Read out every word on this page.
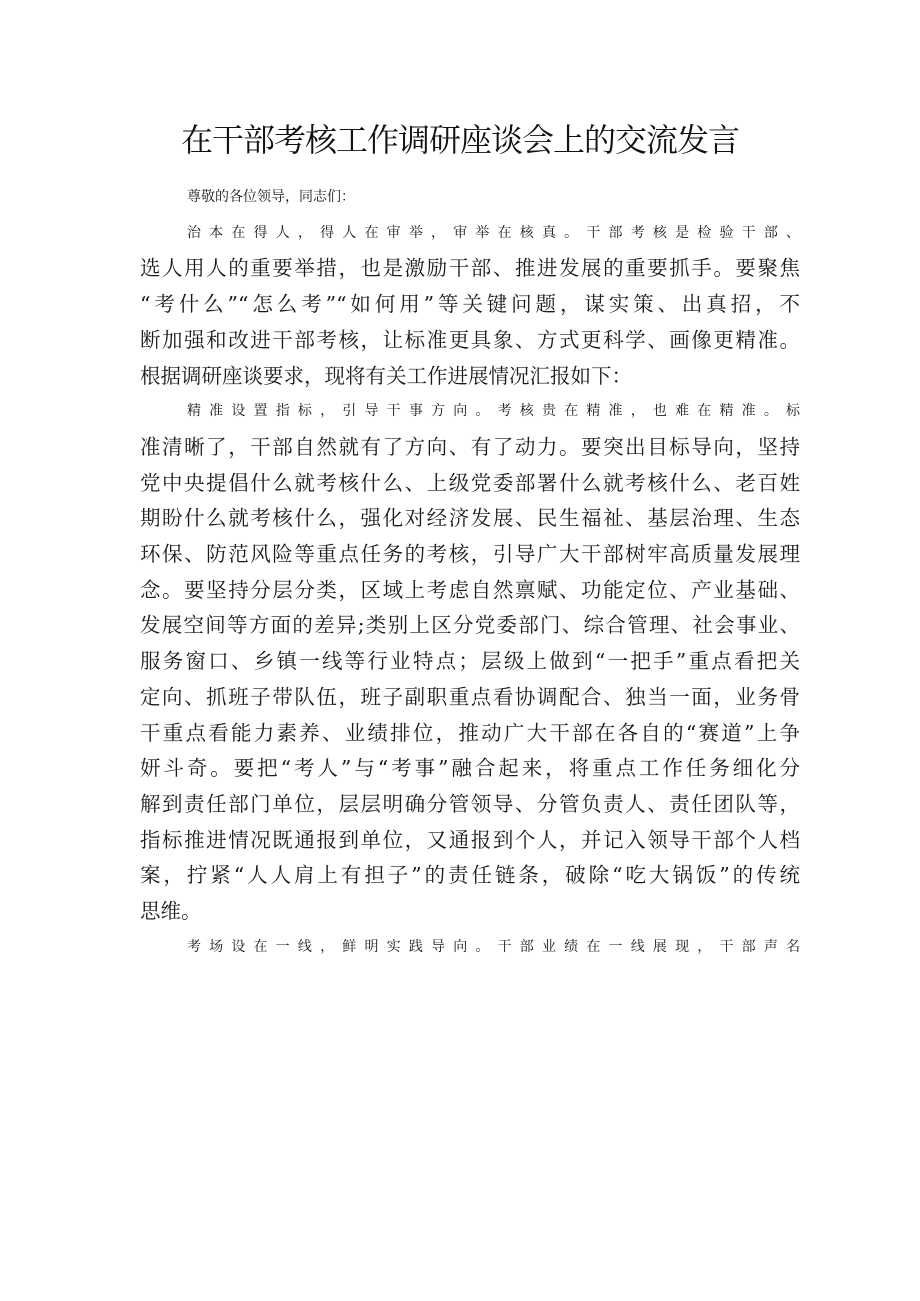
在干部考核工作调研座谈会上的交流发言

尊敬的各位领导，同志们：

治本在得人，得人在审举，审举在核真。干部考核是检验干部、
选人用人的重要举措，也是激励干部、推进发展的重要抓手。要聚焦
“考什么”“怎么考”“如何用”等关键问题，谋实策、出真招，不
断加强和改进干部考核，让标准更具象、方式更科学、画像更精准。
根据调研座谈要求，现将有关工作进展情况汇报如下：

精准设置指标，引导干事方向。考核贵在精准，也难在精准。标
准清晰了，干部自然就有了方向、有了动力。要突出目标导向，坚持
党中央提倡什么就考核什么、上级党委部署什么就考核什么、老百姓
期盼什么就考核什么，强化对经济发展、民生福祉、基层治理、生态
环保、防范风险等重点任务的考核，引导广大干部树牢高质量发展理
念。要坚持分层分类，区域上考虑自然禀赋、功能定位、产业基础、
发展空间等方面的差异;类别上区分党委部门、综合管理、社会事业、
服务窗口、乡镇一线等行业特点；层级上做到“一把手”重点看把关
定向、抓班子带队伍，班子副职重点看协调配合、独当一面，业务骨
干重点看能力素养、业绩排位，推动广大干部在各自的“赛道”上争
妍斗奇。要把“考人”与“考事”融合起来，将重点工作任务细化分
解到责任部门单位，层层明确分管领导、分管负责人、责任团队等，
指标推进情况既通报到单位，又通报到个人，并记入领导干部个人档
案，拧紧“人人肩上有担子”的责任链条，破除“吃大锅饭”的传统
思维。

考场设在一线，鲜明实践导向。干部业绩在一线展现，干部声名
